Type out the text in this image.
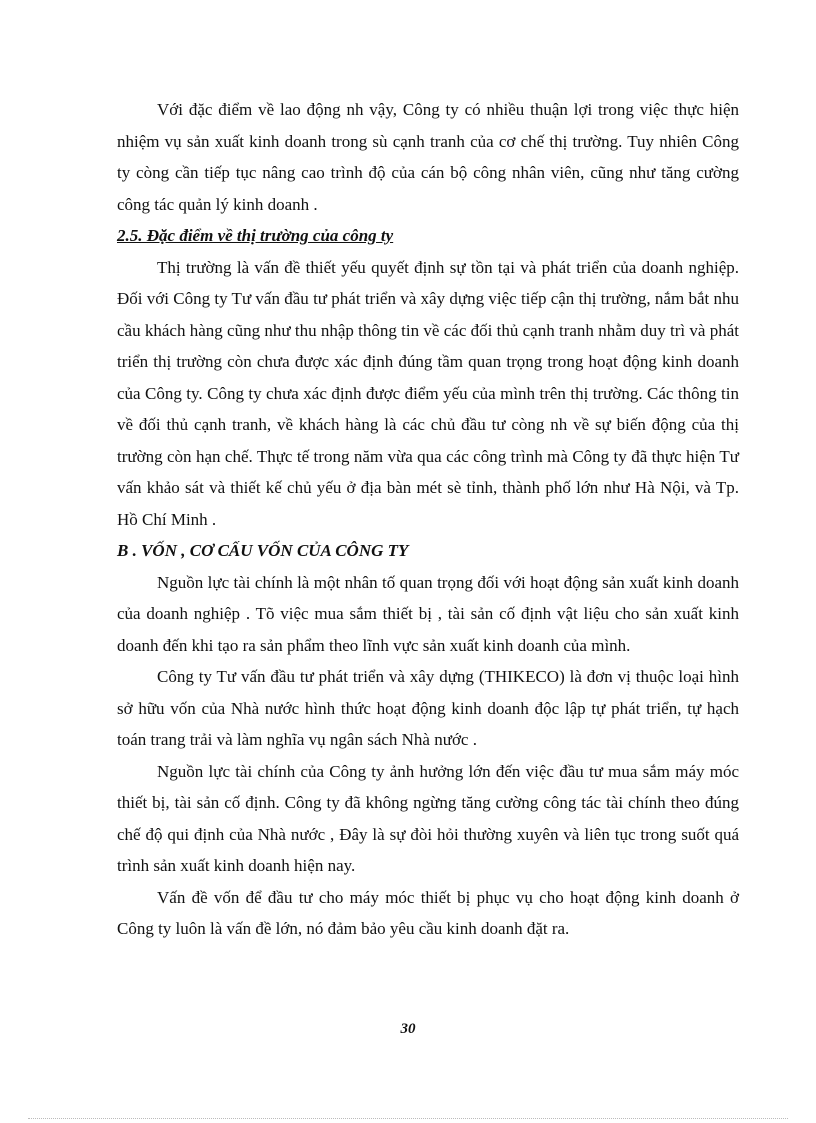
Với đặc điểm về lao động nh vậy, Công ty có nhiều thuận lợi trong việc thực hiện nhiệm vụ sản xuất kinh doanh trong sù cạnh tranh của cơ chế thị trường. Tuy nhiên Công ty còng cần tiếp tục nâng cao trình độ của cán bộ công nhân viên, cũng như tăng cường công tác quản lý kinh doanh .

2.5. Đặc điểm về thị trường của công ty

Thị trường là vấn đề thiết yếu quyết định sự tồn tại và phát triển của doanh nghiệp. Đối với Công ty Tư vấn đầu tư phát triển và xây dựng việc tiếp cận thị trường, nắm bắt nhu cầu khách hàng cũng như thu nhập thông tin về các đối thủ cạnh tranh nhằm duy trì và phát triển thị trường còn chưa được xác định đúng tầm quan trọng trong hoạt động kinh doanh của Công ty. Công ty chưa xác định được điểm yếu của mình trên thị trường. Các thông tin về đối thủ cạnh tranh, về khách hàng là các chủ đầu tư còng nh về sự biến động của thị trường còn hạn chế. Thực tế trong năm vừa qua các công trình mà Công ty đã thực hiện Tư vấn khảo sát và thiết kế chủ yếu ở địa bàn mét sè tỉnh, thành phố lớn như Hà Nội, và Tp. Hồ Chí Minh .

B . VỐN , CƠ CẤU VỐN CỦA CÔNG TY

Nguồn lực tài chính là một nhân tố quan trọng đối với hoạt động sản xuất kinh doanh của doanh nghiệp . Tõ việc mua sắm thiết bị , tài sản cố định vật liệu cho sản xuất kinh doanh đến khi tạo ra sản phẩm theo lĩnh vực sản xuất kinh doanh của mình.

Công ty Tư vấn đầu tư phát triển và xây dựng (THIKECO) là đơn vị thuộc loại hình sở hữu vốn của Nhà nước hình thức hoạt động kinh doanh độc lập tự phát triển, tự hạch toán trang trải và làm nghĩa vụ ngân sách Nhà nước .

Nguồn lực tài chính của Công ty ảnh hưởng lớn đến việc đầu tư mua sắm máy móc thiết bị, tài sản cố định. Công ty đã không ngừng tăng cường công tác tài chính theo đúng chế độ qui định của Nhà nước , Đây là sự đòi hỏi thường xuyên và liên tục trong suốt quá trình sản xuất kinh doanh hiện nay.

Vấn đề vốn để đầu tư cho máy móc thiết bị phục vụ cho hoạt động kinh doanh ở Công ty luôn là vấn đề lớn, nó đảm bảo yêu cầu kinh doanh đặt ra.

30
